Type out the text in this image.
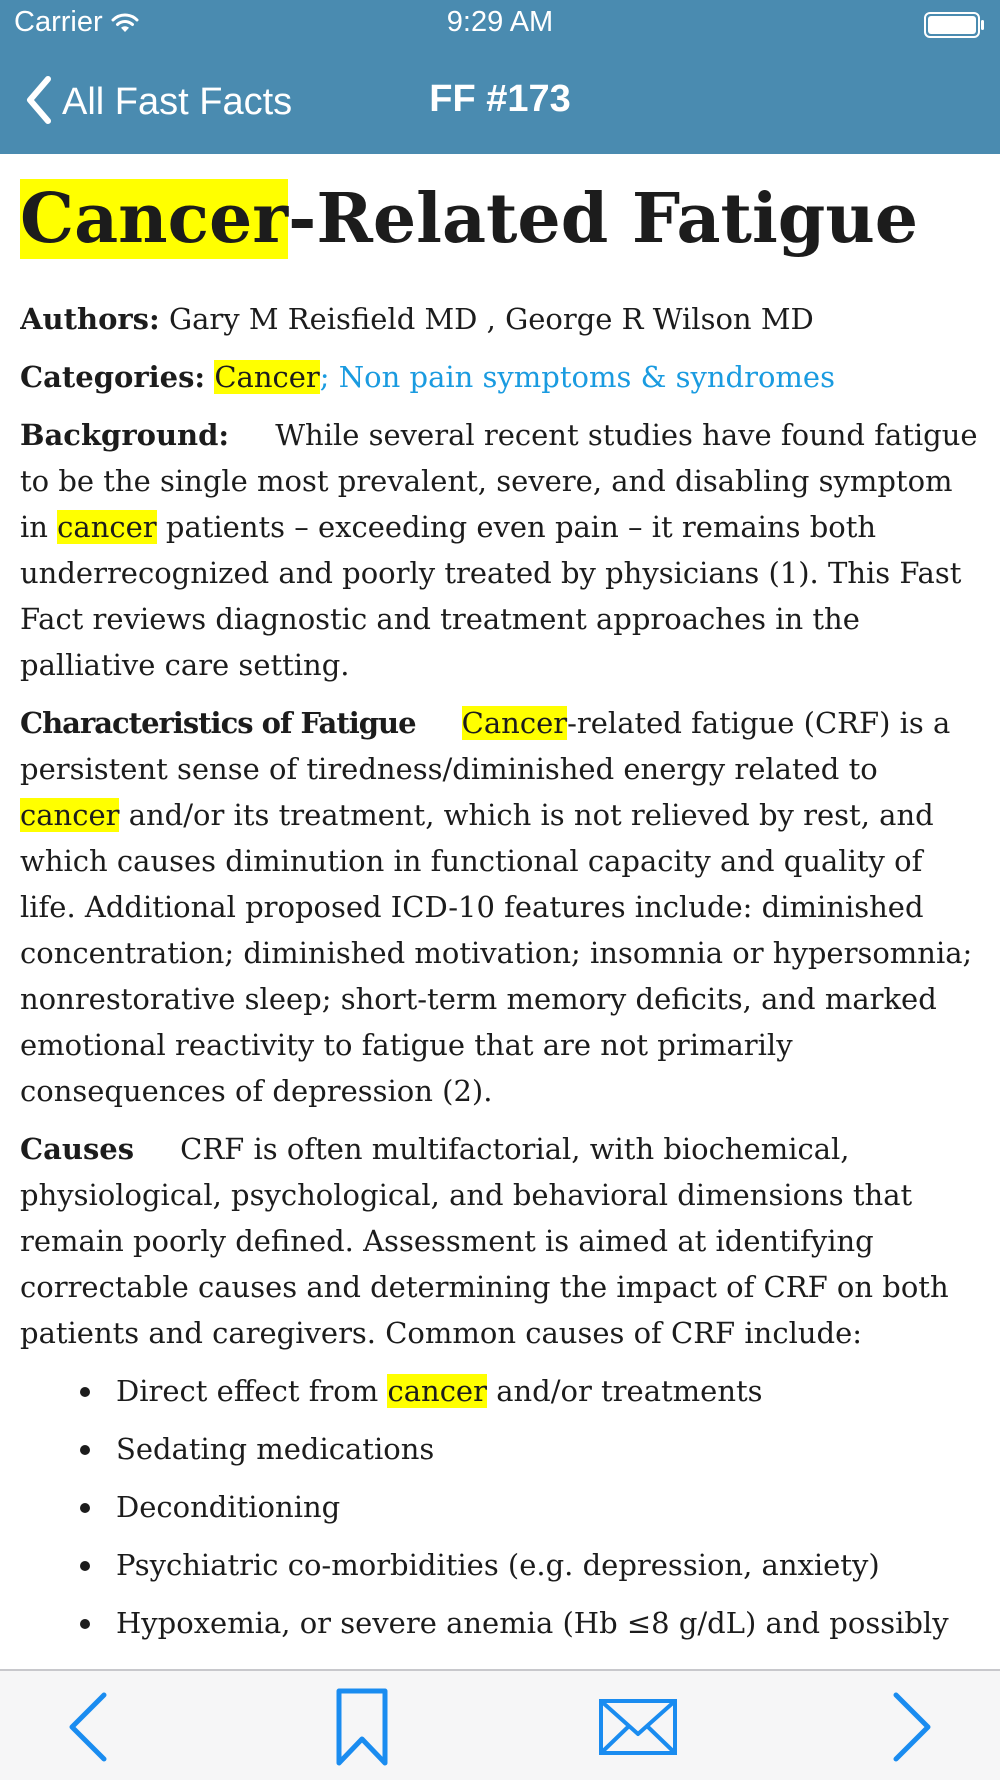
Carrier	9:29 AM
All Fast Facts	FF #173
Cancer-Related Fatigue

Authors: Gary M Reisfield MD , George R Wilson MD

Categories: Cancer; Non pain symptoms & syndromes

Background: While several recent studies have found fatigue to be the single most prevalent, severe, and disabling symptom in cancer patients – exceeding even pain – it remains both underrecognized and poorly treated by physicians (1). This Fast Fact reviews diagnostic and treatment approaches in the palliative care setting.

Characteristics of Fatigue Cancer-related fatigue (CRF) is a persistent sense of tiredness/diminished energy related to cancer and/or its treatment, which is not relieved by rest, and which causes diminution in functional capacity and quality of life. Additional proposed ICD-10 features include: diminished concentration; diminished motivation; insomnia or hypersomnia; nonrestorative sleep; short-term memory deficits, and marked emotional reactivity to fatigue that are not primarily consequences of depression (2).

Causes CRF is often multifactorial, with biochemical, physiological, psychological, and behavioral dimensions that remain poorly defined. Assessment is aimed at identifying correctable causes and determining the impact of CRF on both patients and caregivers. Common causes of CRF include:

Direct effect from cancer and/or treatments
Sedating medications
Deconditioning
Psychiatric co-morbidities (e.g. depression, anxiety)
Hypoxemia, or severe anemia (Hb ≤8 g/dL) and possibly
